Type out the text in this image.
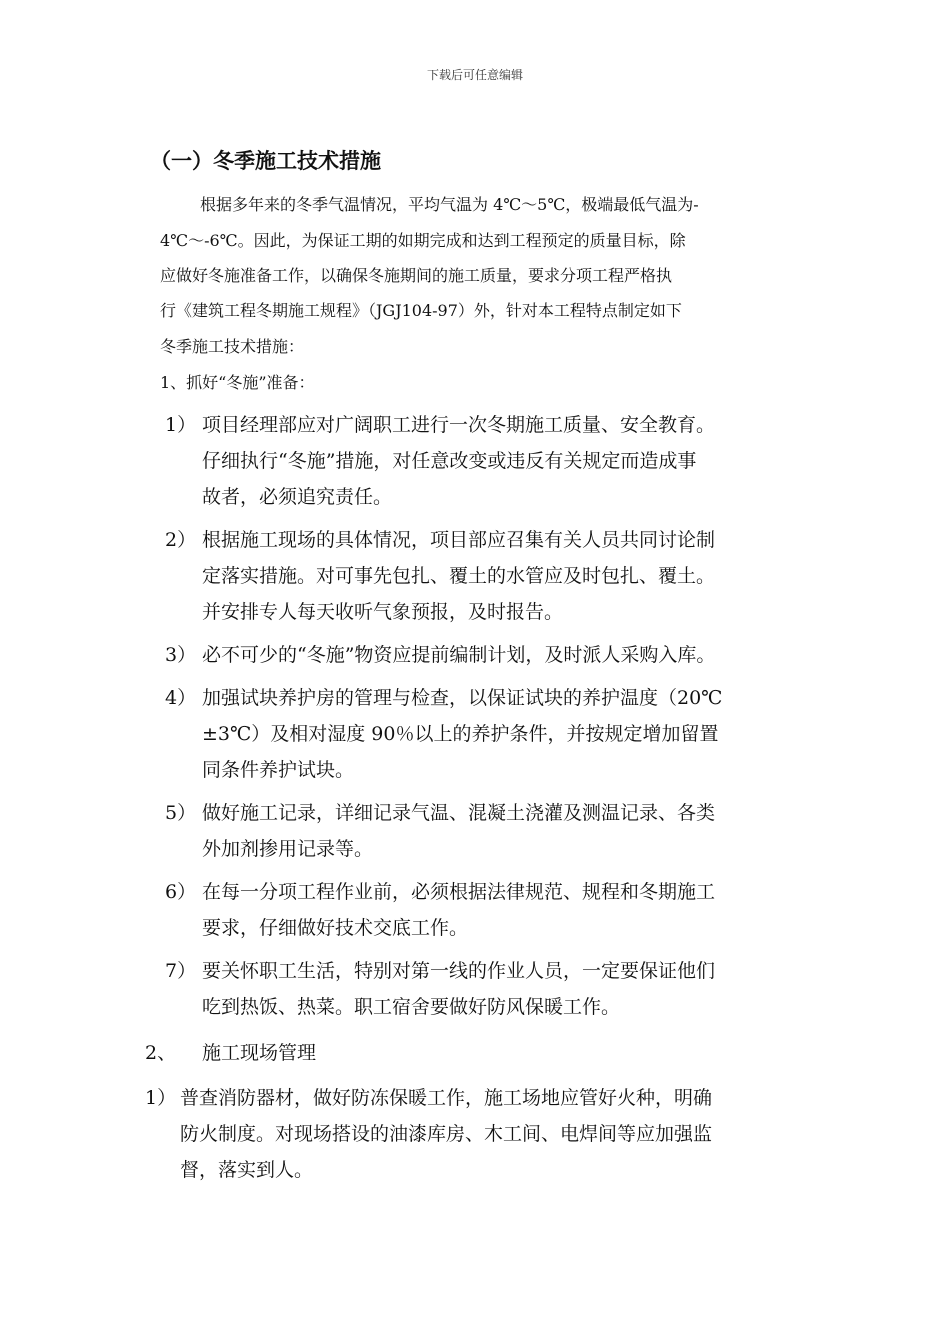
下载后可任意编辑
（一）冬季施工技术措施
根据多年来的冬季气温情况，平均气温为 4℃～5℃，极端最低气温为-
4℃～-6℃。因此，为保证工期的如期完成和达到工程预定的质量目标，除
应做好冬施准备工作，以确保冬施期间的施工质量，要求分项工程严格执
行《建筑工程冬期施工规程》（JGJ104-97）外，针对本工程特点制定如下
冬季施工技术措施：
1、抓好“冬施”准备：
1） 项目经理部应对广阔职工进行一次冬期施工质量、安全教育。
仔细执行“冬施”措施，对任意改变或违反有关规定而造成事
故者，必须追究责任。
2） 根据施工现场的具体情况，项目部应召集有关人员共同讨论制
定落实措施。对可事先包扎、覆土的水管应及时包扎、覆土。
并安排专人每天收听气象预报，及时报告。
3） 必不可少的“冬施”物资应提前编制计划，及时派人采购入库。
4） 加强试块养护房的管理与检查，以保证试块的养护温度（20℃
±3℃）及相对湿度 90％以上的养护条件，并按规定增加留置
同条件养护试块。
5） 做好施工记录，详细记录气温、混凝土浇灌及测温记录、各类
外加剂掺用记录等。
6） 在每一分项工程作业前，必须根据法律规范、规程和冬期施工
要求，仔细做好技术交底工作。
7） 要关怀职工生活，特别对第一线的作业人员，一定要保证他们
吃到热饭、热菜。职工宿舍要做好防风保暖工作。
2、 施工现场管理
1） 普查消防器材，做好防冻保暖工作，施工场地应管好火种，明确
防火制度。对现场搭设的油漆库房、木工间、电焊间等应加强监
督，落实到人。
